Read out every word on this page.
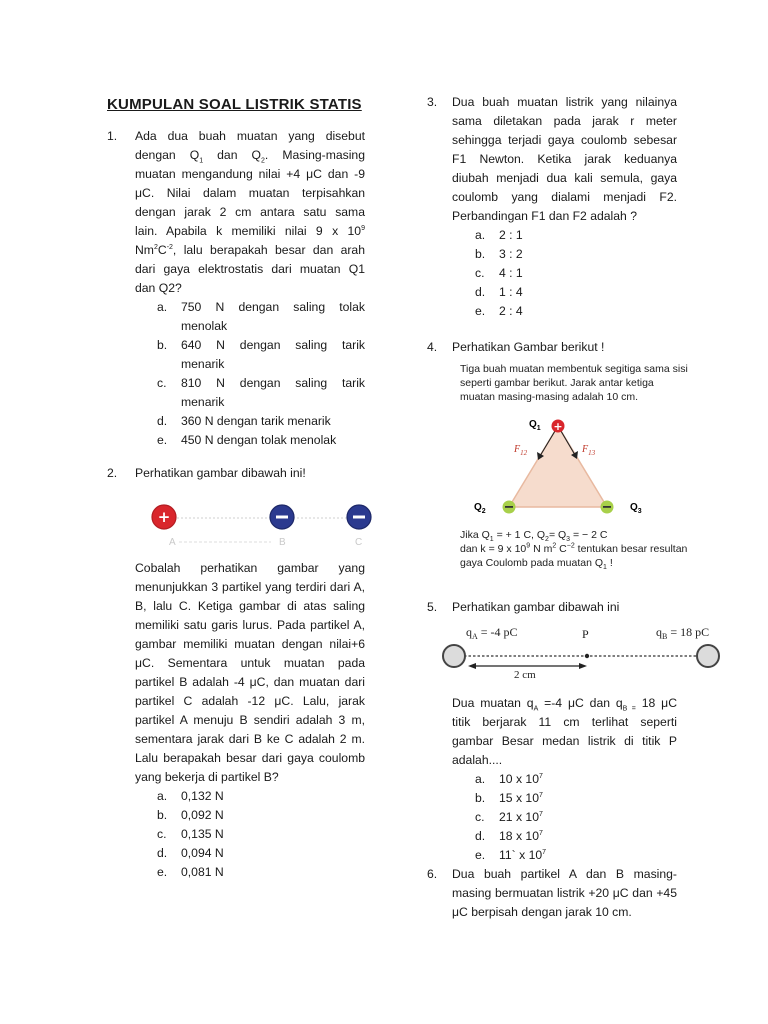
KUMPULAN SOAL LISTRIK STATIS
1.	Ada dua buah muatan yang disebut
dengan $Q_1$ dan $Q_2$. Masing-masing
muatan mengandung nilai +4 μC dan -9
μC. Nilai dalam muatan terpisahkan
dengan jarak 2 cm antara satu sama
lain. Apabila k memiliki nilai 9 x $10^9$
$Nm^2C^{-2}$, lalu berapakah besar dan arah
dari gaya elektrostatis dari muatan Q1
dan Q2?
a. 750 N dengan saling tolak menolak
b. 640 N dengan saling tarik menarik
c. 810 N dengan saling tarik menarik
d. 360 N dengan tarik menarik
e. 450 N dengan tolak menolak
2.	Perhatikan gambar dibawah ini!
+
A	B	C
Cobalah perhatikan gambar yang menunjukkan 3 partikel yang terdiri dari A, B, lalu C. Ketiga gambar di atas saling memiliki satu garis lurus. Pada partikel A, gambar memiliki muatan dengan nilai+6 μC. Sementara untuk muatan pada partikel B adalah -4 μC, dan muatan dari partikel C adalah -12 μC. Lalu, jarak partikel A menuju B sendiri adalah 3 m, sementara jarak dari B ke C adalah 2 m. Lalu berapakah besar dari gaya coulomb yang bekerja di partikel B?
a. 0,132 N
b. 0,092 N
c. 0,135 N
d. 0,094 N
e. 0,081 N
3.	Dua buah muatan listrik yang nilainya sama diletakan pada jarak r meter sehingga terjadi gaya coulomb sebesar F1 Newton. Ketika jarak keduanya diubah menjadi dua kali semula, gaya coulomb yang dialami menjadi F2. Perbandingan F1 dan F2 adalah ?
a. 2 : 1
b. 3 : 2
c. 4 : 1
d. 1 : 4
e. 2 : 4
4.	Perhatikan Gambar berikut !
Tiga buah muatan membentuk segitiga sama sisi
seperti gambar berikut. Jarak antar ketiga
muatan masing-masing adalah 10 cm.
+
$Q_1$
$F_{12}$	$F_{13}$
$Q_2$	$Q_3$
Jika $Q_1$ = + 1 C, $Q_2= Q_3$ = − 2 C
dan k = 9 x $10^9$ N $m^2$ $C^{-2}$ tentukan besar resultan
gaya Coulomb pada muatan $Q_1$ !
5.	Perhatikan gambar dibawah ini
$q_A = -4$ pC	P	$q_B = 18$ pC
2 cm
Dua muatan $q_A =-4$ μC dan $q_{B =}$ 18 μC
titik berjarak 11 cm terlihat seperti
gambar Besar medan listrik di titik P
adalah....
a. 10 x $10^7$
b. 15 x $10^7$
c. 21 x $10^7$
d. 18 x $10^7$
e. 11` x $10^7$
6.	Dua buah partikel A dan B masing-masing bermuatan listrik +20 μC dan +45 μC berpisah dengan jarak 10 cm.
